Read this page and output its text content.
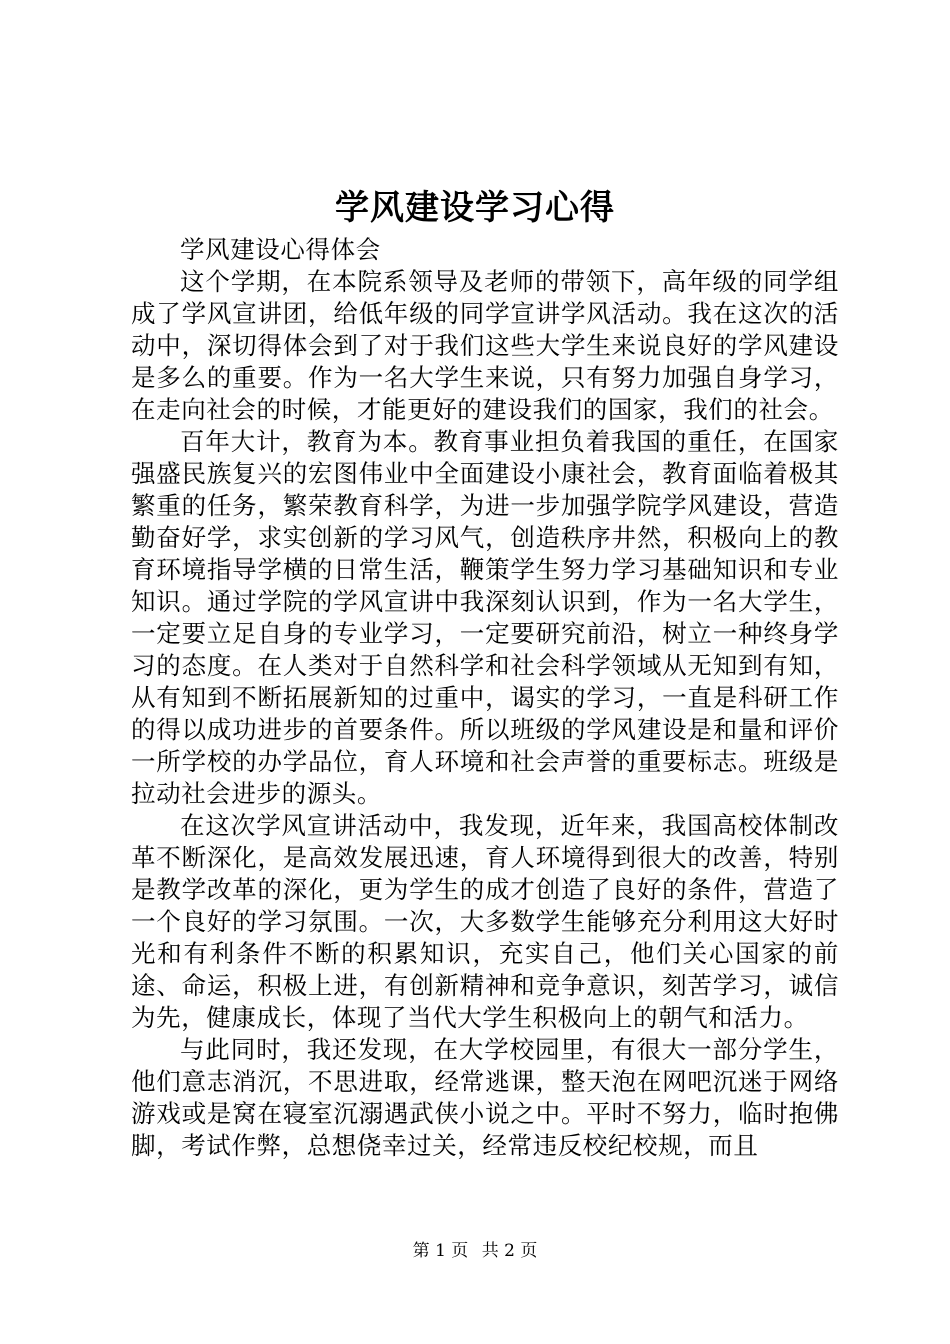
学风建设学习心得

学风建设心得体会

这个学期，在本院系领导及老师的带领下，高年级的同学组成了学风宣讲团，给低年级的同学宣讲学风活动。我在这次的活动中，深切得体会到了对于我们这些大学生来说良好的学风建设是多么的重要。作为一名大学生来说，只有努力加强自身学习，在走向社会的时候，才能更好的建设我们的国家，我们的社会。

百年大计，教育为本。教育事业担负着我国的重任，在国家强盛民族复兴的宏图伟业中全面建设小康社会，教育面临着极其繁重的任务，繁荣教育科学，为进一步加强学院学风建设，营造勤奋好学，求实创新的学习风气，创造秩序井然，积极向上的教育环境指导学横的日常生活，鞭策学生努力学习基础知识和专业知识。通过学院的学风宣讲中我深刻认识到，作为一名大学生，一定要立足自身的专业学习，一定要研究前沿，树立一种终身学习的态度。在人类对于自然科学和社会科学领域从无知到有知，从有知到不断拓展新知的过重中，谒实的学习，一直是科研工作的得以成功进步的首要条件。所以班级的学风建设是和量和评价一所学校的办学品位，育人环境和社会声誉的重要标志。班级是拉动社会进步的源头。

在这次学风宣讲活动中，我发现，近年来，我国高校体制改革不断深化，是高效发展迅速，育人环境得到很大的改善，特别是教学改革的深化，更为学生的成才创造了良好的条件，营造了一个良好的学习氛围。一次，大多数学生能够充分利用这大好时光和有利条件不断的积累知识，充实自己，他们关心国家的前途、命运，积极上进，有创新精神和竞争意识，刻苦学习，诚信为先，健康成长，体现了当代大学生积极向上的朝气和活力。

与此同时，我还发现，在大学校园里，有很大一部分学生，他们意志消沉，不思进取，经常逃课，整天泡在网吧沉迷于网络游戏或是窝在寝室沉溺遇武侠小说之中。平时不努力，临时抱佛脚，考试作弊，总想侥幸过关，经常违反校纪校规，而且

第 1 页 共 2 页
